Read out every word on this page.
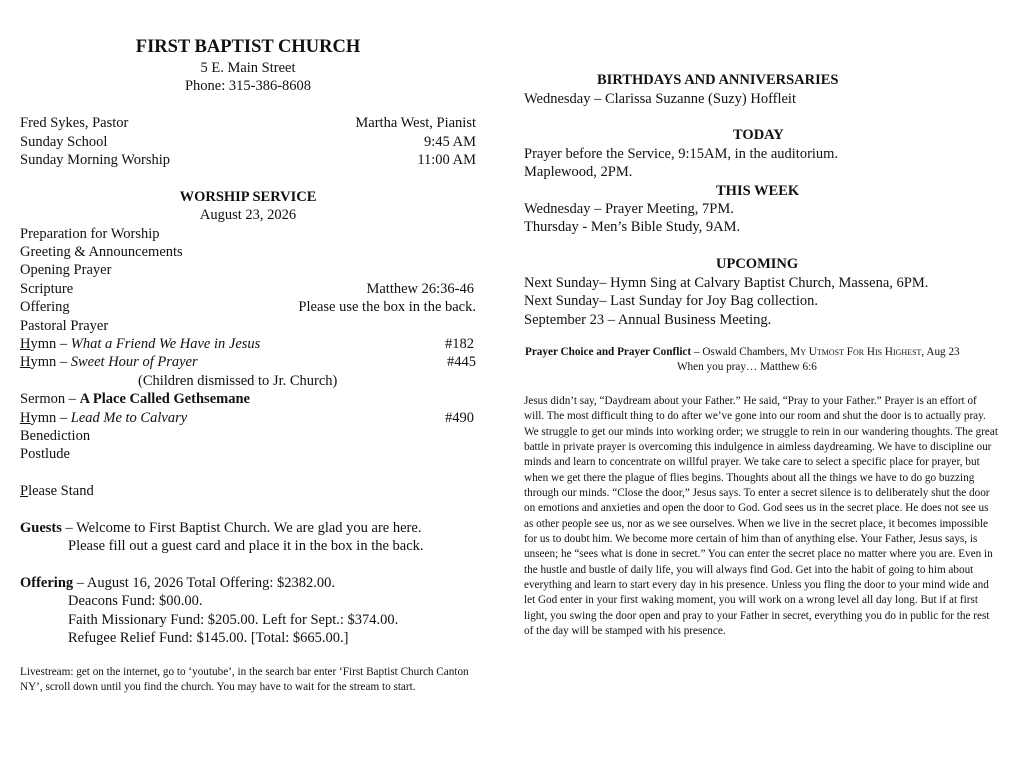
FIRST BAPTIST CHURCH
5 E. Main Street
Phone: 315-386-8608
Fred Sykes, Pastor	Martha West, Pianist
Sunday School	9:45 AM
Sunday Morning Worship	11:00 AM
WORSHIP SERVICE
August 23, 2026
Preparation for Worship
Greeting & Announcements
Opening Prayer
Scripture	Matthew 26:36-46
Offering	Please use the box in the back.
Pastoral Prayer
Hymn – What a Friend We Have in Jesus	#182
Hymn – Sweet Hour of Prayer	#445
(Children dismissed to Jr. Church)
Sermon – A Place Called Gethsemane
Hymn – Lead Me to Calvary	#490
Benediction
Postlude
Please Stand
Guests – Welcome to First Baptist Church. We are glad you are here.
Please fill out a guest card and place it in the box in the back.
Offering – August 16, 2026 Total Offering: $2382.00.
Deacons Fund: $00.00.
Faith Missionary Fund: $205.00. Left for Sept.: $374.00.
Refugee Relief Fund: $145.00. [Total: $665.00.]
Livestream: get on the internet, go to ‘youtube’, in the search bar enter ‘First Baptist Church Canton NY’, scroll down until you find the church. You may have to wait for the stream to start.
BIRTHDAYS AND ANNIVERSARIES
Wednesday – Clarissa Suzanne (Suzy) Hoffleit
TODAY
Prayer before the Service, 9:15AM, in the auditorium.
Maplewood, 2PM.
THIS WEEK
Wednesday – Prayer Meeting, 7PM.
Thursday - Men’s Bible Study, 9AM.
UPCOMING
Next Sunday– Hymn Sing at Calvary Baptist Church, Massena, 6PM.
Next Sunday– Last Sunday for Joy Bag collection.
September 23 – Annual Business Meeting.
Prayer Choice and Prayer Conflict – Oswald Chambers, My Utmost For His Highest, Aug 23
When you pray… Matthew 6:6
Jesus didn’t say, “Daydream about your Father.” He said, “Pray to your Father.” Prayer is an effort of will. The most difficult thing to do after we’ve gone into our room and shut the door is to actually pray. We struggle to get our minds into working order; we struggle to rein in our wandering thoughts. The great battle in private prayer is overcoming this indulgence in aimless daydreaming. We have to discipline our minds and learn to concentrate on willful prayer. We take care to select a specific place for prayer, but when we get there the plague of flies begins. Thoughts about all the things we have to do go buzzing through our minds. “Close the door,” Jesus says. To enter a secret silence is to deliberately shut the door on emotions and anxieties and open the door to God. God sees us in the secret place. He does not see us as other people see us, nor as we see ourselves. When we live in the secret place, it becomes impossible for us to doubt him. We become more certain of him than of anything else. Your Father, Jesus says, is unseen; he “sees what is done in secret.” You can enter the secret place no matter where you are. Even in the hustle and bustle of daily life, you will always find God. Get into the habit of going to him about everything and learn to start every day in his presence. Unless you fling the door to your mind wide and let God enter in your first waking moment, you will work on a wrong level all day long. But if at first light, you swing the door open and pray to your Father in secret, everything you do in public for the rest of the day will be stamped with his presence.
